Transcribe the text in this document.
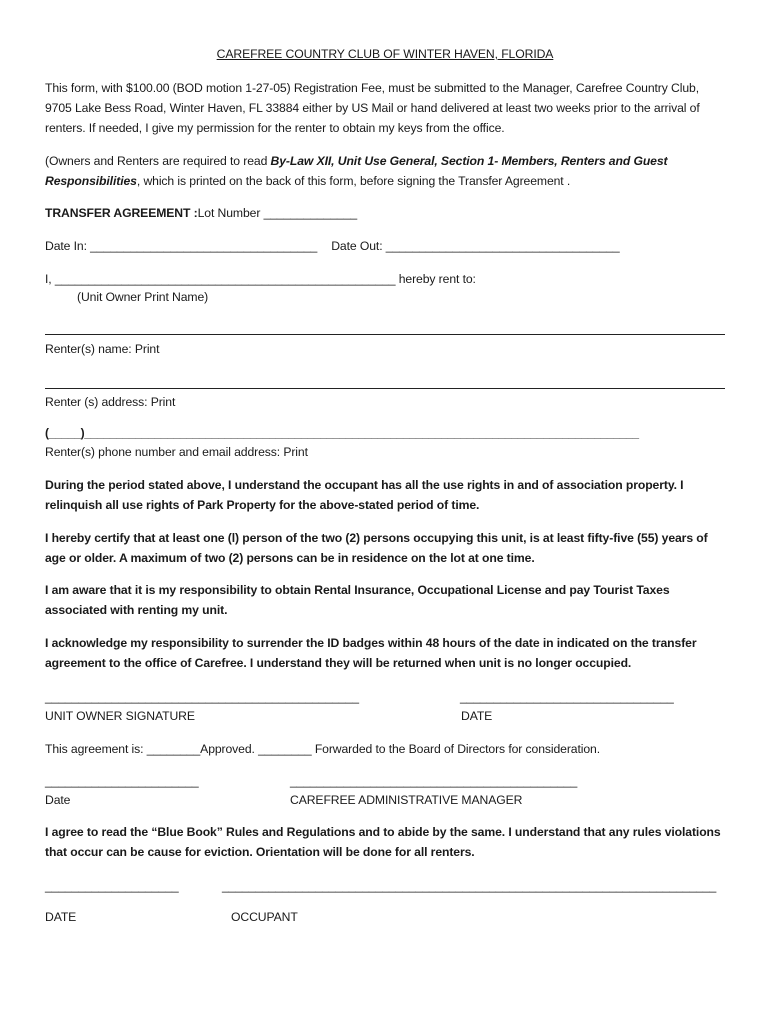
CAREFREE COUNTRY CLUB OF WINTER HAVEN, FLORIDA
This form, with $100.00 (BOD motion 1-27-05) Registration Fee, must be submitted to the Manager, Carefree Country Club, 9705 Lake Bess Road, Winter Haven, FL 33884 either by US Mail or hand delivered at least two weeks prior to the arrival of renters. If needed, I give my permission for the renter to obtain my keys from the office.
(Owners and Renters are required to read By-Law XII, Unit Use General, Section 1- Members, Renters and Guest Responsibilities, which is printed on the back of this form, before signing the Transfer Agreement .
TRANSFER AGREEMENT :Lot Number ______________
Date In: __________________________________ Date Out: ___________________________________
I, ___________________________________________________ hereby rent to:
(Unit Owner Print Name)
Renter(s) name: Print
Renter (s) address: Print
(_____)_______________________________________________________________________________________
Renter(s) phone number and email address: Print
During the period stated above, I understand the occupant has all the use rights in and of association property. I relinquish all use rights of Park Property for the above-stated period of time.
I hereby certify that at least one (l) person of the two (2) persons occupying this unit, is at least fifty-five (55) years of age or older. A maximum of two (2) persons can be in residence on the lot at one time.
I am aware that it is my responsibility to obtain Rental Insurance, Occupational License and pay Tourist Taxes associated with renting my unit.
I acknowledge my responsibility to surrender the ID badges within 48 hours of the date in indicated on the transfer agreement to the office of Carefree. I understand they will be returned when unit is no longer occupied.
_______________________________________________	________________________________
UNIT OWNER SIGNATURE	DATE
This agreement is: ________Approved. ________ Forwarded to the Board of Directors for consideration.
_______________________	___________________________________________
Date	CAREFREE ADMINISTRATIVE MANAGER
I agree to read the “Blue Book” Rules and Regulations and to abide by the same. I understand that any rules violations that occur can be cause for eviction. Orientation will be done for all renters.
____________________	__________________________________________________________________________
DATE	OCCUPANT
